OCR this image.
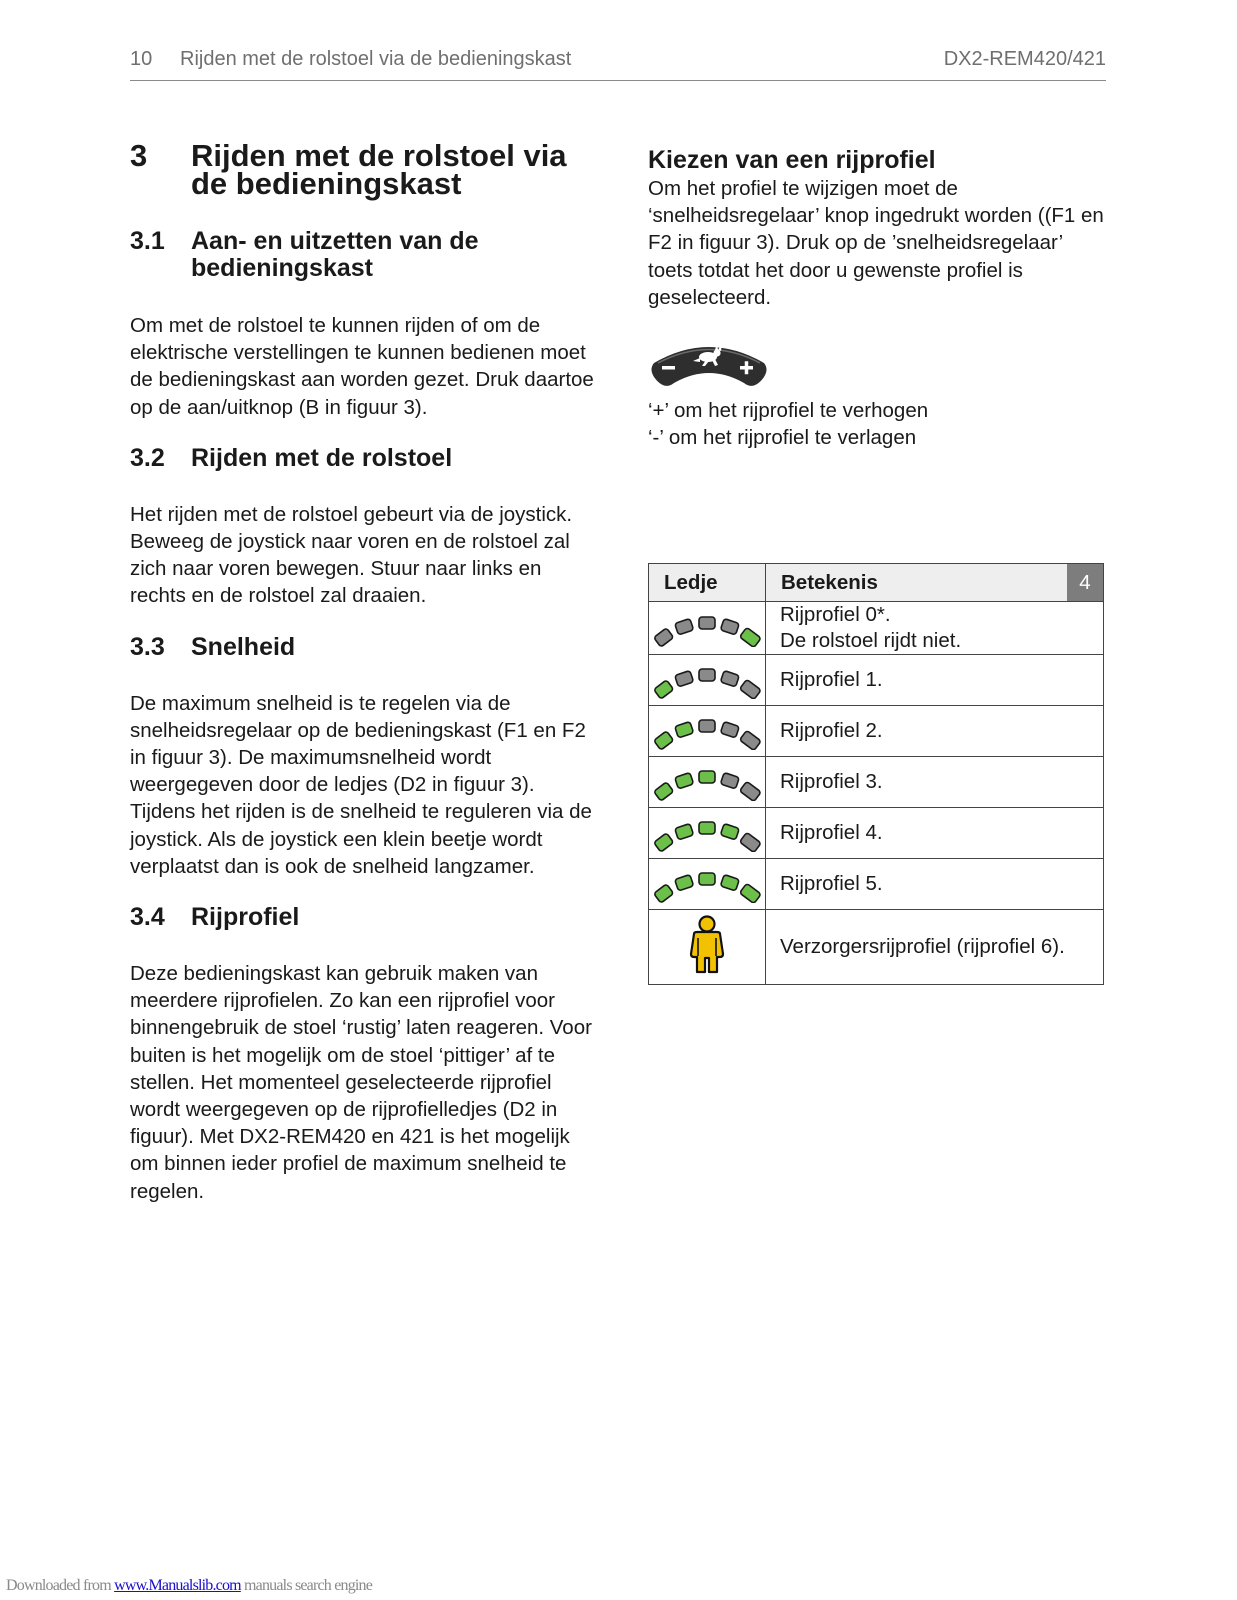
10 Rijden met de rolstoel via de bedieningskast	DX2-REM420/421
3 Rijden met de rolstoel via de bedieningskast
3.1 Aan- en uitzetten van de bedieningskast

Om met de rolstoel te kunnen rijden of om de elektrische verstellingen te kunnen bedienen moet de bedieningskast aan worden gezet. Druk daartoe op de aan/uitknop (B in figuur 3).

3.2 Rijden met de rolstoel

Het rijden met de rolstoel gebeurt via de joystick. Beweeg de joystick naar voren en de rolstoel zal zich naar voren bewegen. Stuur naar links en rechts en de rolstoel zal draaien.

3.3 Snelheid

De maximum snelheid is te regelen via de snelheidsregelaar op de bedieningskast (F1 en F2 in figuur 3). De maximumsnelheid wordt weergegeven door de ledjes (D2 in figuur 3). Tijdens het rijden is de snelheid te reguleren via de joystick. Als de joystick een klein beetje wordt verplaatst dan is ook de snelheid langzamer.

3.4 Rijprofiel

Deze bedieningskast kan gebruik maken van meerdere rijprofielen. Zo kan een rijprofiel voor binnengebruik de stoel ‘rustig’ laten reageren. Voor buiten is het mogelijk om de stoel ‘pittiger’ af te stellen. Het momenteel geselecteerde rijprofiel wordt weergegeven op de rijprofielledjes (D2 in figuur). Met DX2-REM420 en 421 is het mogelijk om binnen ieder profiel de maximum snelheid te regelen.

Kiezen van een rijprofiel

Om het profiel te wijzigen moet de ‘snelheidsregelaar’ knop ingedrukt worden ((F1 en F2 in figuur 3). Druk op de ’snelheidsregelaar’ toets totdat het door u gewenste profiel is geselecteerd.

‘+’ om het rijprofiel te verhogen

‘-’ om het rijprofiel te verlagen

Ledje	Betekenis 4

Rijprofiel 0*.
De rolstoel rijdt niet.

Rijprofiel 1.

Rijprofiel 2.

Rijprofiel 3.

Rijprofiel 4.

Rijprofiel 5.

	Verzorgersrijprofiel (rijprofiel 6).
Downloaded from www.Manualslib.com manuals search engine
